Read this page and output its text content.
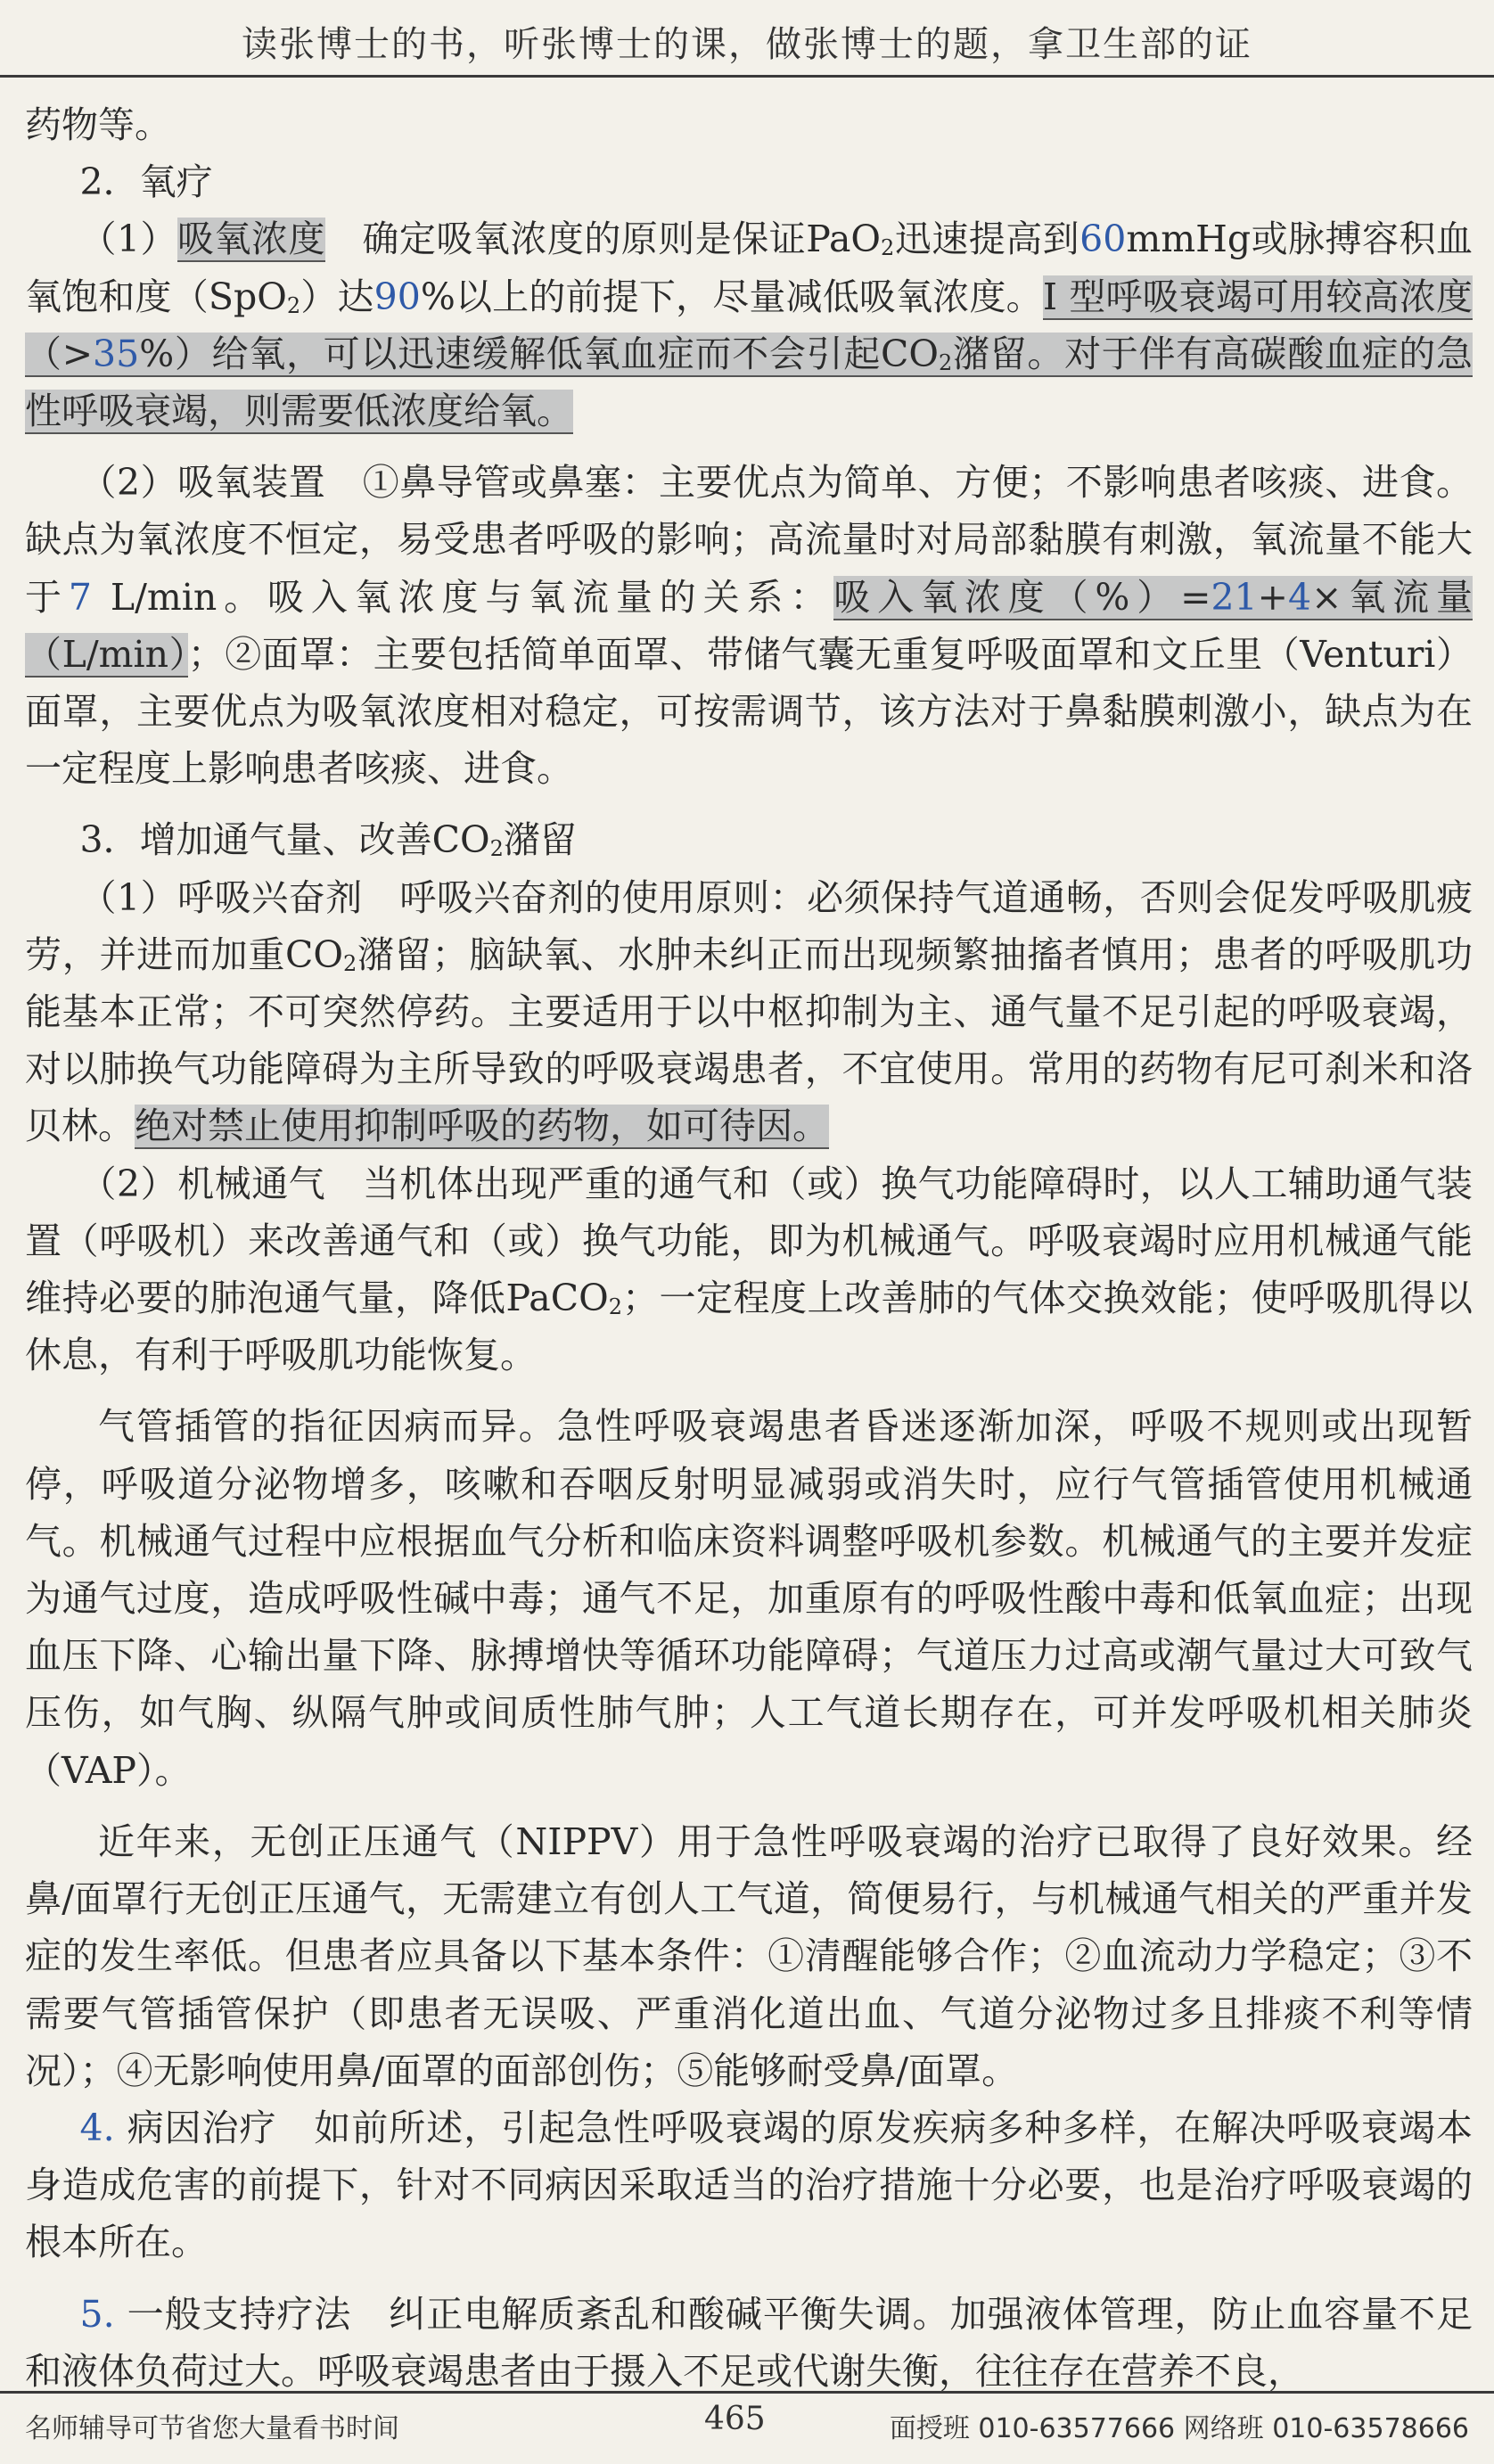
读张博士的书，听张博士的课，做张博士的题，拿卫生部的证

药物等。

2．氧疗

（1）吸氧浓度　确定吸氧浓度的原则是保证PaO$_2$迅速提高到60mmHg或脉搏容积血氧饱和度（SpO$_2$）达90%以上的前提下，尽量减低吸氧浓度。I 型呼吸衰竭可用较高浓度（>35%）给氧，可以迅速缓解低氧血症而不会引起$CO_2$潴留。对于伴有高碳酸血症的急性呼吸衰竭，则需要低浓度给氧。

（2）吸氧装置　①鼻导管或鼻塞：主要优点为简单、方便；不影响患者咳痰、进食。缺点为氧浓度不恒定，易受患者呼吸的影响；高流量时对局部黏膜有刺激，氧流量不能大于7 L/min。吸入氧浓度与氧流量的关系：吸入氧浓度（%）=21+4×氧流量（L/min）；②面罩：主要包括简单面罩、带储气囊无重复呼吸面罩和文丘里（Venturi）面罩，主要优点为吸氧浓度相对稳定，可按需调节，该方法对于鼻黏膜刺激小，缺点为在一定程度上影响患者咳痰、进食。

3．增加通气量、改善$CO_2$潴留

（1）呼吸兴奋剂　呼吸兴奋剂的使用原则：必须保持气道通畅，否则会促发呼吸肌疲劳，并进而加重$CO_2$潴留；脑缺氧、水肿未纠正而出现频繁抽搐者慎用；患者的呼吸肌功能基本正常；不可突然停药。主要适用于以中枢抑制为主、通气量不足引起的呼吸衰竭，对以肺换气功能障碍为主所导致的呼吸衰竭患者，不宜使用。常用的药物有尼可刹米和洛贝林。绝对禁止使用抑制呼吸的药物，如可待因。

（2）机械通气　当机体出现严重的通气和（或）换气功能障碍时，以人工辅助通气装置（呼吸机）来改善通气和（或）换气功能，即为机械通气。呼吸衰竭时应用机械通气能维持必要的肺泡通气量，降低PaCO$_2$；一定程度上改善肺的气体交换效能；使呼吸肌得以休息，有利于呼吸肌功能恢复。

气管插管的指征因病而异。急性呼吸衰竭患者昏迷逐渐加深，呼吸不规则或出现暂停，呼吸道分泌物增多，咳嗽和吞咽反射明显减弱或消失时，应行气管插管使用机械通气。机械通气过程中应根据血气分析和临床资料调整呼吸机参数。机械通气的主要并发症为通气过度，造成呼吸性碱中毒；通气不足，加重原有的呼吸性酸中毒和低氧血症；出现血压下降、心输出量下降、脉搏增快等循环功能障碍；气道压力过高或潮气量过大可致气压伤，如气胸、纵隔气肿或间质性肺气肿；人工气道长期存在，可并发呼吸机相关肺炎（VAP）。

近年来，无创正压通气（NIPPV）用于急性呼吸衰竭的治疗已取得了良好效果。经鼻/面罩行无创正压通气，无需建立有创人工气道，简便易行，与机械通气相关的严重并发症的发生率低。但患者应具备以下基本条件：①清醒能够合作；②血流动力学稳定；③不需要气管插管保护（即患者无误吸、严重消化道出血、气道分泌物过多且排痰不利等情况）；④无影响使用鼻/面罩的面部创伤；⑤能够耐受鼻/面罩。

4. 病因治疗　如前所述，引起急性呼吸衰竭的原发疾病多种多样，在解决呼吸衰竭本身造成危害的前提下，针对不同病因采取适当的治疗措施十分必要，也是治疗呼吸衰竭的根本所在。

5. 一般支持疗法　纠正电解质紊乱和酸碱平衡失调。加强液体管理，防止血容量不足和液体负荷过大。呼吸衰竭患者由于摄入不足或代谢失衡，往往存在营养不良，

名师辅导可节省您大量看书时间	465	面授班 010-63577666 网络班 010-63578666
